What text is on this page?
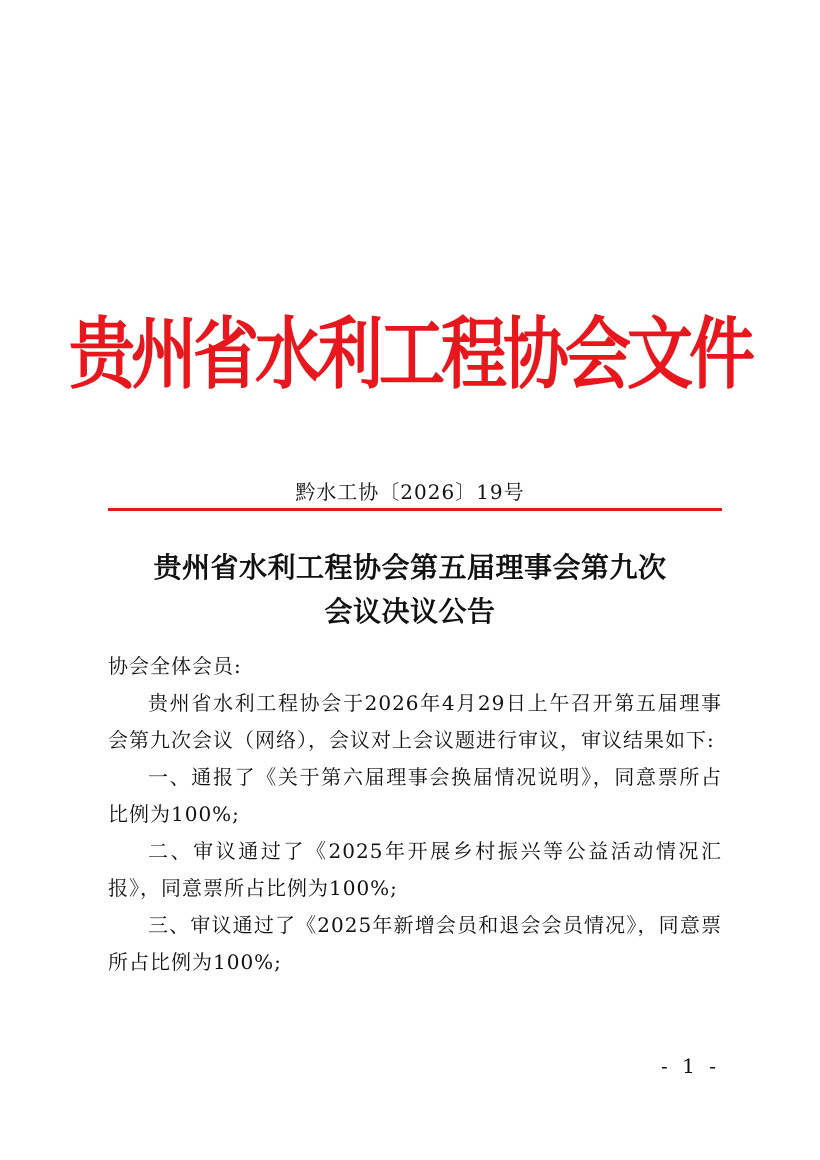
贵州省水利工程协会文件
黔水工协〔2026〕19号
贵州省水利工程协会第五届理事会第九次
会议决议公告

协会全体会员:

贵州省水利工程协会于2026年4月29日上午召开第五届理事会第九次会议（网络），会议对上会议题进行审议，审议结果如下:

一、通报了《关于第六届理事会换届情况说明》，同意票所占比例为100%;

二、审议通过了《2025年开展乡村振兴等公益活动情况汇报》，同意票所占比例为100%;

三、审议通过了《2025年新增会员和退会会员情况》，同意票所占比例为100%;

- 1 -
